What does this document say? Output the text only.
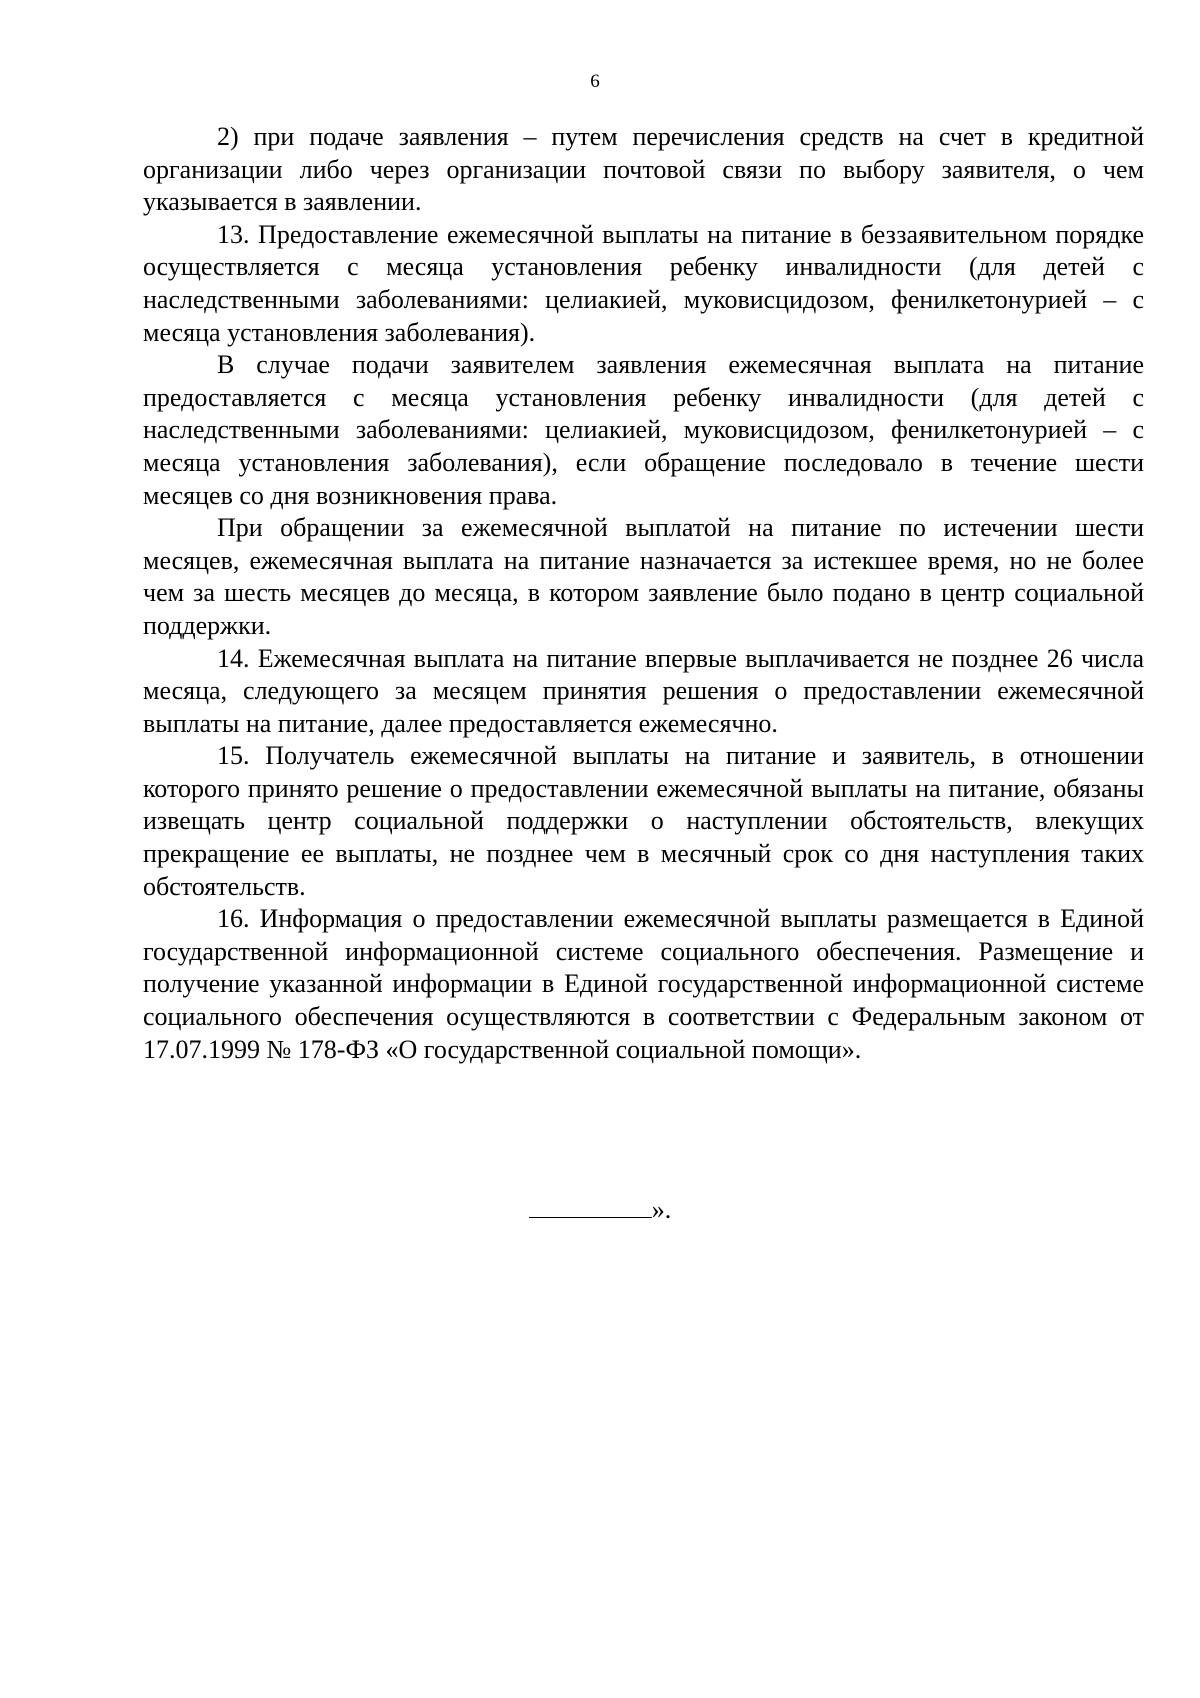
6

2) при подаче заявления – путем перечисления средств на счет в кредитной организации либо через организации почтовой связи по выбору заявителя, о чем указывается в заявлении.

13. Предоставление ежемесячной выплаты на питание в беззаявительном порядке осуществляется с месяца установления ребенку инвалидности (для детей с наследственными заболеваниями: целиакией, муковисцидозом, фенилкетонурией – с месяца установления заболевания).

В случае подачи заявителем заявления ежемесячная выплата на питание предоставляется с месяца установления ребенку инвалидности (для детей с наследственными заболеваниями: целиакией, муковисцидозом, фенилкетонурией – с месяца установления заболевания), если обращение последовало в течение шести месяцев со дня возникновения права.

При обращении за ежемесячной выплатой на питание по истечении шести месяцев, ежемесячная выплата на питание назначается за истекшее время, но не более чем за шесть месяцев до месяца, в котором заявление было подано в центр социальной поддержки.

14. Ежемесячная выплата на питание впервые выплачивается не позднее 26 числа месяца, следующего за месяцем принятия решения о предоставлении ежемесячной выплаты на питание, далее предоставляется ежемесячно.

15. Получатель ежемесячной выплаты на питание и заявитель, в отношении которого принято решение о предоставлении ежемесячной выплаты на питание, обязаны извещать центр социальной поддержки о наступлении обстоятельств, влекущих прекращение ее выплаты, не позднее чем в месячный срок со дня наступления таких обстоятельств.

16. Информация о предоставлении ежемесячной выплаты размещается в Единой государственной информационной системе социального обеспечения. Размещение и получение указанной информации в Единой государственной информационной системе социального обеспечения осуществляются в соответствии с Федеральным законом от 17.07.1999 № 178-ФЗ «О государственной социальной помощи».

».
